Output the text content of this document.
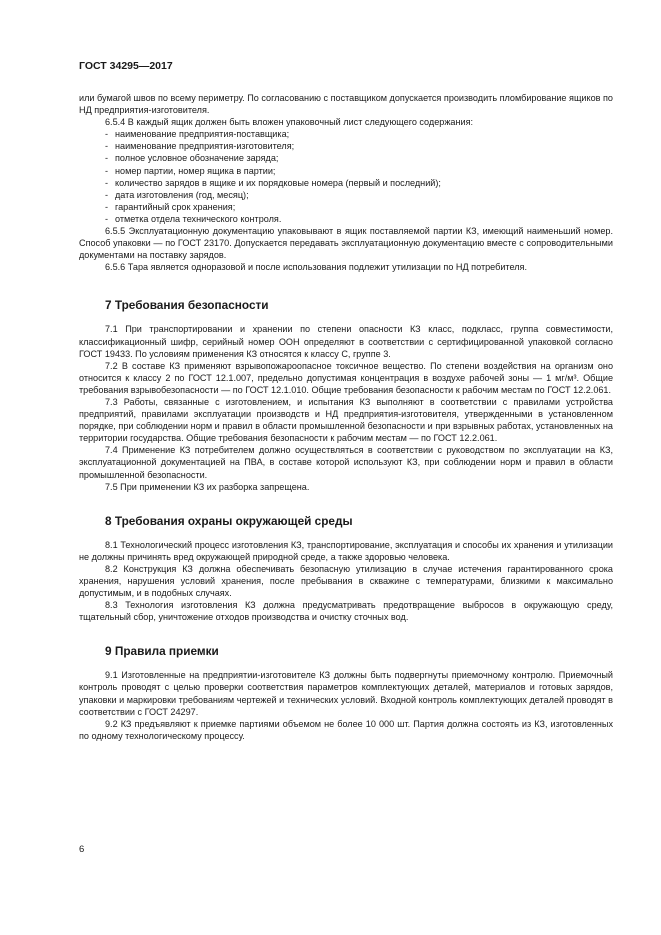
ГОСТ 34295—2017

или бумагой швов по всему периметру. По согласованию с поставщиком допускается производить пломбирование ящиков по НД предприятия-изготовителя.

6.5.4 В каждый ящик должен быть вложен упаковочный лист следующего содержания:

- наименование предприятия-поставщика;

- наименование предприятия-изготовителя;

- полное условное обозначение заряда;

- номер партии, номер ящика в партии;

- количество зарядов в ящике и их порядковые номера (первый и последний);

- дата изготовления (год, месяц);

- гарантийный срок хранения;

- отметка отдела технического контроля.

6.5.5 Эксплуатационную документацию упаковывают в ящик поставляемой партии КЗ, имеющий наименьший номер. Способ упаковки — по ГОСТ 23170. Допускается передавать эксплуатационную документацию вместе с сопроводительными документами на поставку зарядов.

6.5.6 Тара является одноразовой и после использования подлежит утилизации по НД потребителя.

7 Требования безопасности

7.1 При транспортировании и хранении по степени опасности КЗ класс, подкласс, группа совместимости, классификационный шифр, серийный номер ООН определяют в соответствии с сертифицированной упаковкой согласно ГОСТ 19433. По условиям применения КЗ относятся к классу С, группе 3.

7.2 В составе КЗ применяют взрывопожароопасное токсичное вещество. По степени воздействия на организм оно относится к классу 2 по ГОСТ 12.1.007, предельно допустимая концентрация в воздухе рабочей зоны — 1 мг/м³. Общие требования взрывобезопасности — по ГОСТ 12.1.010. Общие требования безопасности к рабочим местам по ГОСТ 12.2.061.

7.3 Работы, связанные с изготовлением, и испытания КЗ выполняют в соответствии с правилами устройства предприятий, правилами эксплуатации производств и НД предприятия-изготовителя, утвержденными в установленном порядке, при соблюдении норм и правил в области промышленной безопасности и при взрывных работах, установленных на территории государства. Общие требования безопасности к рабочим местам — по ГОСТ 12.2.061.

7.4 Применение КЗ потребителем должно осуществляться в соответствии с руководством по эксплуатации на КЗ, эксплуатационной документацией на ПВА, в составе которой используют КЗ, при соблюдении норм и правил в области промышленной безопасности.

7.5 При применении КЗ их разборка запрещена.

8 Требования охраны окружающей среды

8.1 Технологический процесс изготовления КЗ, транспортирование, эксплуатация и способы их хранения и утилизации не должны причинять вред окружающей природной среде, а также здоровью человека.

8.2 Конструкция КЗ должна обеспечивать безопасную утилизацию в случае истечения гарантированного срока хранения, нарушения условий хранения, после пребывания в скважине с температурами, близкими к максимально допустимым, и в подобных случаях.

8.3 Технология изготовления КЗ должна предусматривать предотвращение выбросов в окружающую среду, тщательный сбор, уничтожение отходов производства и очистку сточных вод.

9 Правила приемки

9.1 Изготовленные на предприятии-изготовителе КЗ должны быть подвергнуты приемочному контролю. Приемочный контроль проводят с целью проверки соответствия параметров комплектующих деталей, материалов и готовых зарядов, упаковки и маркировки требованиям чертежей и технических условий. Входной контроль комплектующих деталей проводят в соответствии с ГОСТ 24297.

9.2 КЗ предъявляют к приемке партиями объемом не более 10 000 шт. Партия должна состоять из КЗ, изготовленных по одному технологическому процессу.

6
